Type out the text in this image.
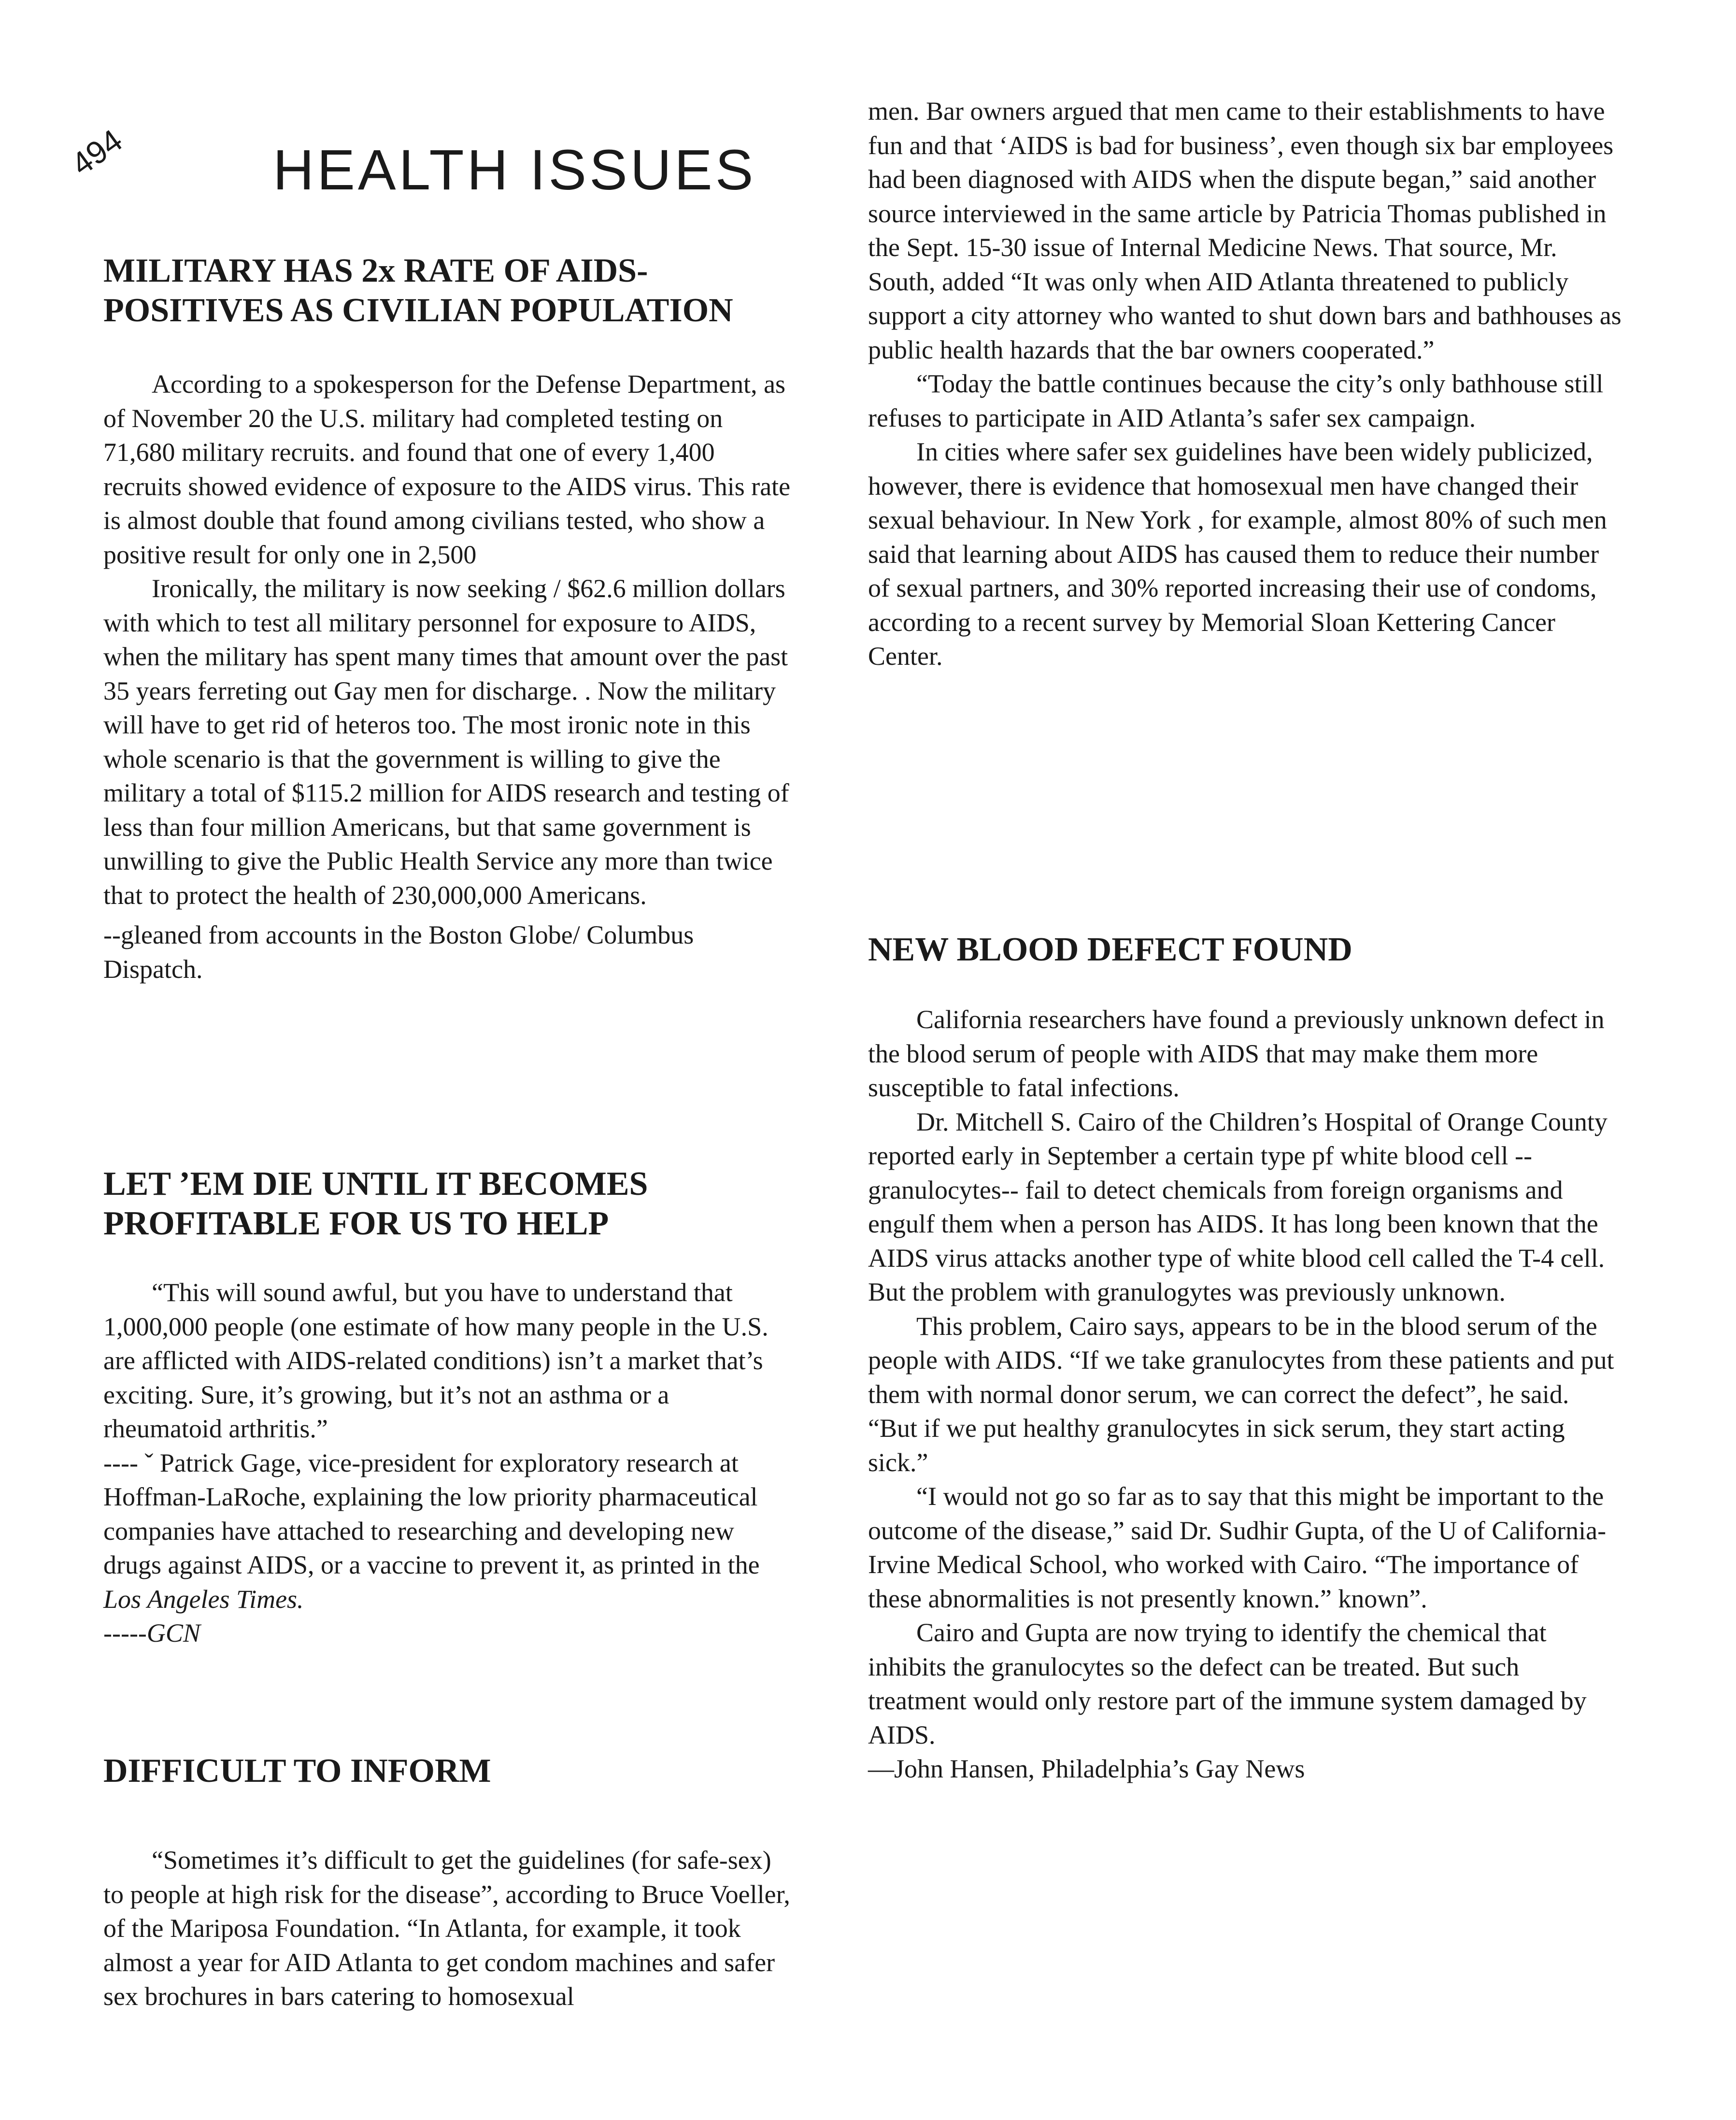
494	HEALTH ISSUES
MILITARY HAS 2x RATE OF AIDS-
POSITIVES AS CIVILIAN POPULATION

According to a spokesperson for the Defense Department, as of November 20 the U.S. military had completed testing on 71,680 military recruits. and found that one of every 1,400 recruits showed evidence of exposure to the AIDS virus. This rate is almost double that found among civilians tested, who show a positive result for only one in 2,500

Ironically, the military is now seeking / $62.6 million dollars with which to test all military personnel for exposure to AIDS, when the military has spent many times that amount over the past 35 years ferreting out Gay men for discharge. . Now the military will have to get rid of heteros too. The most ironic note in this whole scenario is that the government is willing to give the military a total of $115.2 million for AIDS research and testing of less than four million Americans, but that same government is unwilling to give the Public Health Service any more than twice that to protect the health of 230,000,000 Americans.

--gleaned from accounts in the Boston Globe/ Columbus Dispatch.

LET ’EM DIE UNTIL IT BECOMES
PROFITABLE FOR US TO HELP

“This will sound awful, but you have to understand that 1,000,000 people (one estimate of how many people in the U.S. are afflicted with AIDS-related conditions) isn’t a market that’s exciting. Sure, it’s growing, but it’s not an asthma or a rheumatoid arthritis.”

---- ˇ Patrick Gage, vice-president for exploratory research at Hoffman-LaRoche, explaining the low priority pharmaceutical companies have attached to researching and developing new drugs against AIDS, or a vaccine to prevent it, as printed in the Los Angeles Times.

-----GCN

DIFFICULT TO INFORM

“Sometimes it’s difficult to get the guidelines (for safe-sex) to people at high risk for the disease”, according to Bruce Voeller, of the Mariposa Foundation. “In Atlanta, for example, it took almost a year for AID Atlanta to get condom machines and safer sex brochures in bars catering to homosexual

men. Bar owners argued that men came to their establishments to have fun and that ‘AIDS is bad for business’, even though six bar employees had been diagnosed with AIDS when the dispute began,” said another source interviewed in the same article by Patricia Thomas published in the Sept. 15-30 issue of Internal Medicine News. That source, Mr. South, added “It was only when AID Atlanta threatened to publicly support a city attorney who wanted to shut down bars and bathhouses as public health hazards that the bar owners cooperated.”

“Today the battle continues because the city’s only bathhouse still refuses to participate in AID Atlanta’s safer sex campaign.

In cities where safer sex guidelines have been widely publicized, however, there is evidence that homosexual men have changed their sexual behaviour. In New York , for example, almost 80% of such men said that learning about AIDS has caused them to reduce their number of sexual partners, and 30% reported increasing their use of condoms, according to a recent survey by Memorial Sloan Kettering Cancer Center.

NEW BLOOD DEFECT FOUND

California researchers have found a previously unknown defect in the blood serum of people with AIDS that may make them more susceptible to fatal infections.

Dr. Mitchell S. Cairo of the Children’s Hospital of Orange County reported early in September a certain type pf white blood cell --granulocytes-- fail to detect chemicals from foreign organisms and engulf them when a person has AIDS. It has long been known that the AIDS virus attacks another type of white blood cell called the T-4 cell. But the problem with granulogytes was previously unknown.

This problem, Cairo says, appears to be in the blood serum of the people with AIDS. “If we take granulocytes from these patients and put them with normal donor serum, we can correct the defect”, he said. “But if we put healthy granulocytes in sick serum, they start acting sick.”

“I would not go so far as to say that this might be important to the outcome of the disease,” said Dr. Sudhir Gupta, of the U of California-Irvine Medical School, who worked with Cairo. “The importance of these abnormalities is not presently known.” known”.

Cairo and Gupta are now trying to identify the chemical that inhibits the granulocytes so the defect can be treated. But such treatment would only restore part of the immune system damaged by AIDS.

—John Hansen, Philadelphia’s Gay News
